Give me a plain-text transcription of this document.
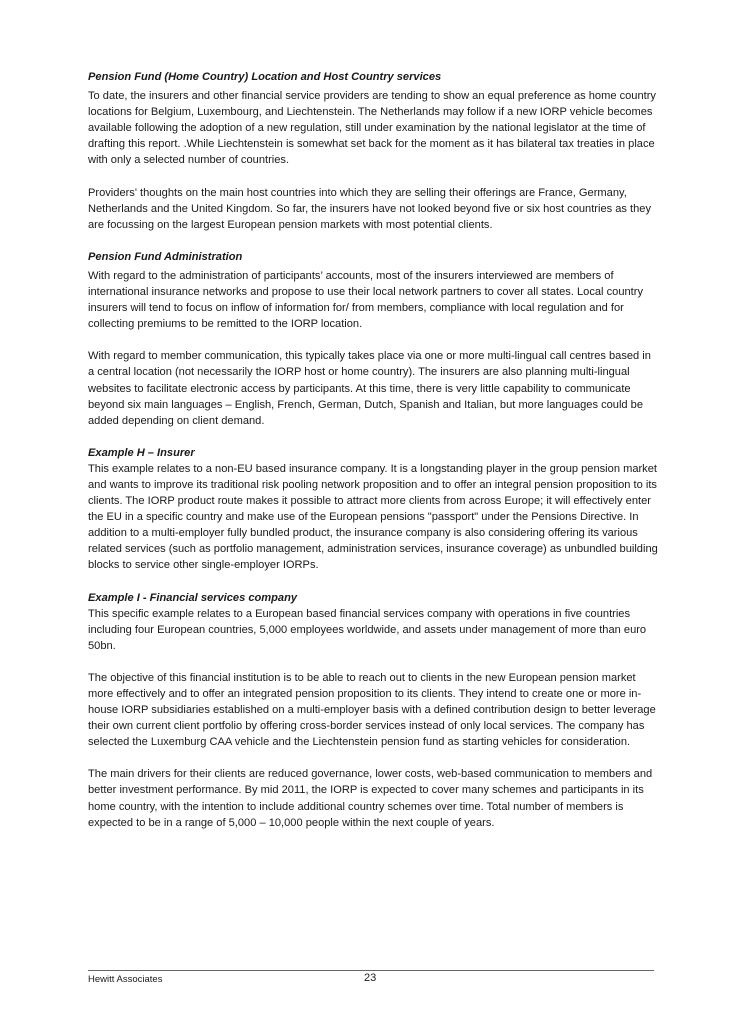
Pension Fund (Home Country) Location and Host Country services

To date, the insurers and other financial service providers are tending to show an equal preference as home country locations for Belgium, Luxembourg, and Liechtenstein. The Netherlands may follow if a new IORP vehicle becomes available following the adoption of a new regulation, still under examination by the national legislator at the time of drafting this report. .While Liechtenstein is somewhat set back for the moment as it has bilateral tax treaties in place with only a selected number of countries.

Providers' thoughts on the main host countries into which they are selling their offerings are France, Germany, Netherlands and the United Kingdom. So far, the insurers have not looked beyond five or six host countries as they are focussing on the largest European pension markets with most potential clients.

Pension Fund Administration

With regard to the administration of participants’ accounts, most of the insurers interviewed are members of international insurance networks and propose to use their local network partners to cover all states. Local country insurers will tend to focus on inflow of information for/ from members, compliance with local regulation and for collecting premiums to be remitted to the IORP location.

With regard to member communication, this typically takes place via one or more multi-lingual call centres based in a central location (not necessarily the IORP host or home country). The insurers are also planning multi-lingual websites to facilitate electronic access by participants. At this time, there is very little capability to communicate beyond six main languages – English, French, German, Dutch, Spanish and Italian, but more languages could be added depending on client demand.

Example H – Insurer

This example relates to a non-EU based insurance company. It is a longstanding player in the group pension market and wants to improve its traditional risk pooling network proposition and to offer an integral pension proposition to its clients. The IORP product route makes it possible to attract more clients from across Europe; it will effectively enter the EU in a specific country and make use of the European pensions "passport" under the Pensions Directive. In addition to a multi-employer fully bundled product, the insurance company is also considering offering its various related services (such as portfolio management, administration services, insurance coverage) as unbundled building blocks to service other single-employer IORPs.

Example I - Financial services company

This specific example relates to a European based financial services company with operations in five countries including four European countries, 5,000 employees worldwide, and assets under management of more than euro 50bn.

The objective of this financial institution is to be able to reach out to clients in the new European pension market more effectively and to offer an integrated pension proposition to its clients. They intend to create one or more in-house IORP subsidiaries established on a multi-employer basis with a defined contribution design to better leverage their own current client portfolio by offering cross-border services instead of only local services. The company has selected the Luxemburg CAA vehicle and the Liechtenstein pension fund as starting vehicles for consideration.

The main drivers for their clients are reduced governance, lower costs, web-based communication to members and better investment performance. By mid 2011, the IORP is expected to cover many schemes and participants in its home country, with the intention to include additional country schemes over time. Total number of members is expected to be in a range of 5,000 – 10,000 people within the next couple of years.

Hewitt Associates	23
